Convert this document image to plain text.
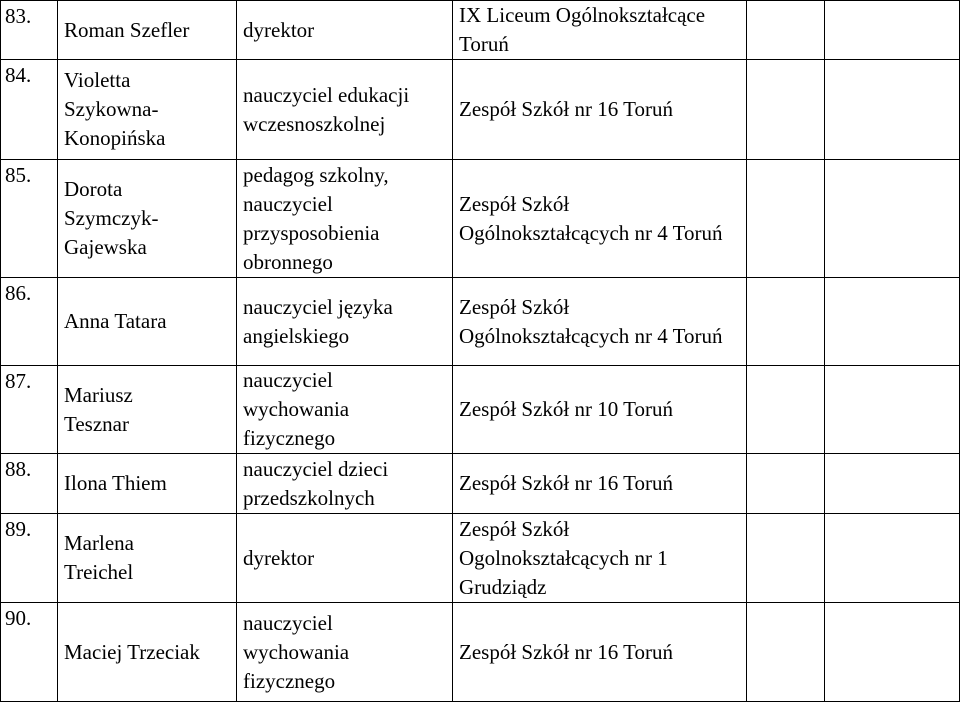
83.	Roman Szefler	dyrektor	IX Liceum Ogólnokształcące Toruń		
84.	Violetta Szykowna-Konopińska	nauczyciel edukacji wczesnoszkolnej	Zespół Szkół nr 16 Toruń		
85.	Dorota Szymczyk-Gajewska	pedagog szkolny, nauczyciel przysposobienia obronnego	Zespół Szkół Ogólnokształcących nr 4 Toruń		
86.	Anna Tatara	nauczyciel języka angielskiego	Zespół Szkół Ogólnokształcących nr 4 Toruń		
87.	Mariusz Tesznar	nauczyciel wychowania fizycznego	Zespół Szkół nr 10 Toruń		
88.	Ilona Thiem	nauczyciel dzieci przedszkolnych	Zespół Szkół nr 16 Toruń		
89.	Marlena Treichel	dyrektor	Zespół Szkół Ogolnokształcących nr 1 Grudziądz		
90.	Maciej Trzeciak	nauczyciel wychowania fizycznego	Zespół Szkół nr 16 Toruń		
